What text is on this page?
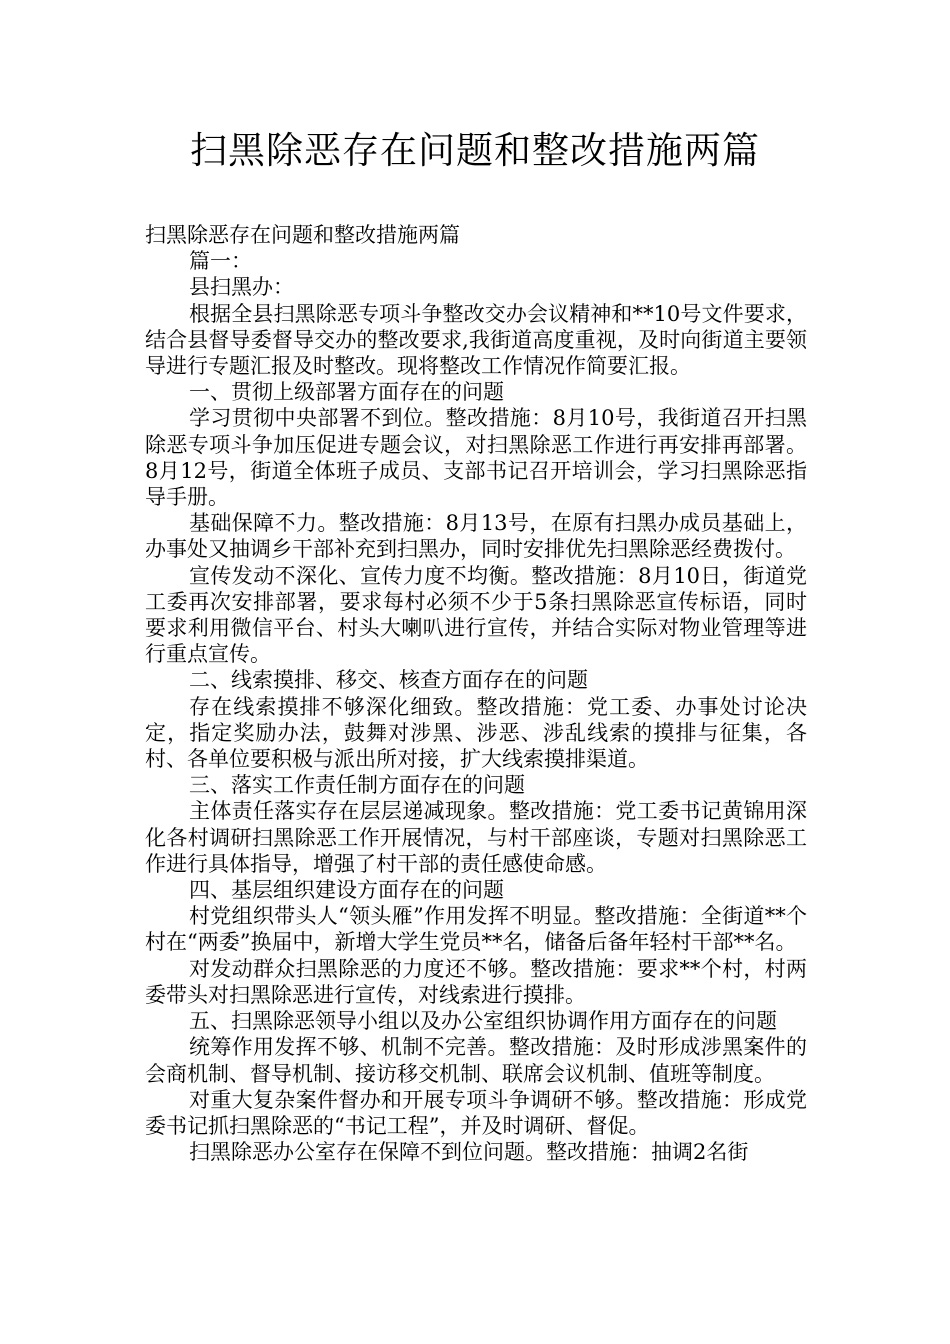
扫黑除恶存在问题和整改措施两篇

扫黑除恶存在问题和整改措施两篇

篇一：

县扫黑办：

根据全县扫黑除恶专项斗争整改交办会议精神和**10号文件要求，结合县督导委督导交办的整改要求,我街道高度重视，及时向街道主要领导进行专题汇报及时整改。现将整改工作情况作简要汇报。

一、贯彻上级部署方面存在的问题

学习贯彻中央部署不到位。整改措施：8月10号，我街道召开扫黑除恶专项斗争加压促进专题会议，对扫黑除恶工作进行再安排再部署。8月12号，街道全体班子成员、支部书记召开培训会，学习扫黑除恶指导手册。

基础保障不力。整改措施：8月13号，在原有扫黑办成员基础上，办事处又抽调乡干部补充到扫黑办，同时安排优先扫黑除恶经费拨付。

宣传发动不深化、宣传力度不均衡。整改措施：8月10日，街道党工委再次安排部署，要求每村必须不少于5条扫黑除恶宣传标语，同时要求利用微信平台、村头大喇叭进行宣传，并结合实际对物业管理等进行重点宣传。

二、线索摸排、移交、核查方面存在的问题

存在线索摸排不够深化细致。整改措施：党工委、办事处讨论决定，指定奖励办法，鼓舞对涉黑、涉恶、涉乱线索的摸排与征集，各村、各单位要积极与派出所对接，扩大线索摸排渠道。

三、落实工作责任制方面存在的问题

主体责任落实存在层层递减现象。整改措施：党工委书记黄锦用深化各村调研扫黑除恶工作开展情况，与村干部座谈，专题对扫黑除恶工作进行具体指导，增强了村干部的责任感使命感。

四、基层组织建设方面存在的问题

村党组织带头人“领头雁”作用发挥不明显。整改措施：全街道**个村在“两委”换届中，新增大学生党员**名，储备后备年轻村干部**名。

对发动群众扫黑除恶的力度还不够。整改措施：要求**个村，村两委带头对扫黑除恶进行宣传，对线索进行摸排。

五、扫黑除恶领导小组以及办公室组织协调作用方面存在的问题

统筹作用发挥不够、机制不完善。整改措施：及时形成涉黑案件的会商机制、督导机制、接访移交机制、联席会议机制、值班等制度。

对重大复杂案件督办和开展专项斗争调研不够。整改措施：形成党委书记抓扫黑除恶的“书记工程”，并及时调研、督促。

扫黑除恶办公室存在保障不到位问题。整改措施：抽调2名街
